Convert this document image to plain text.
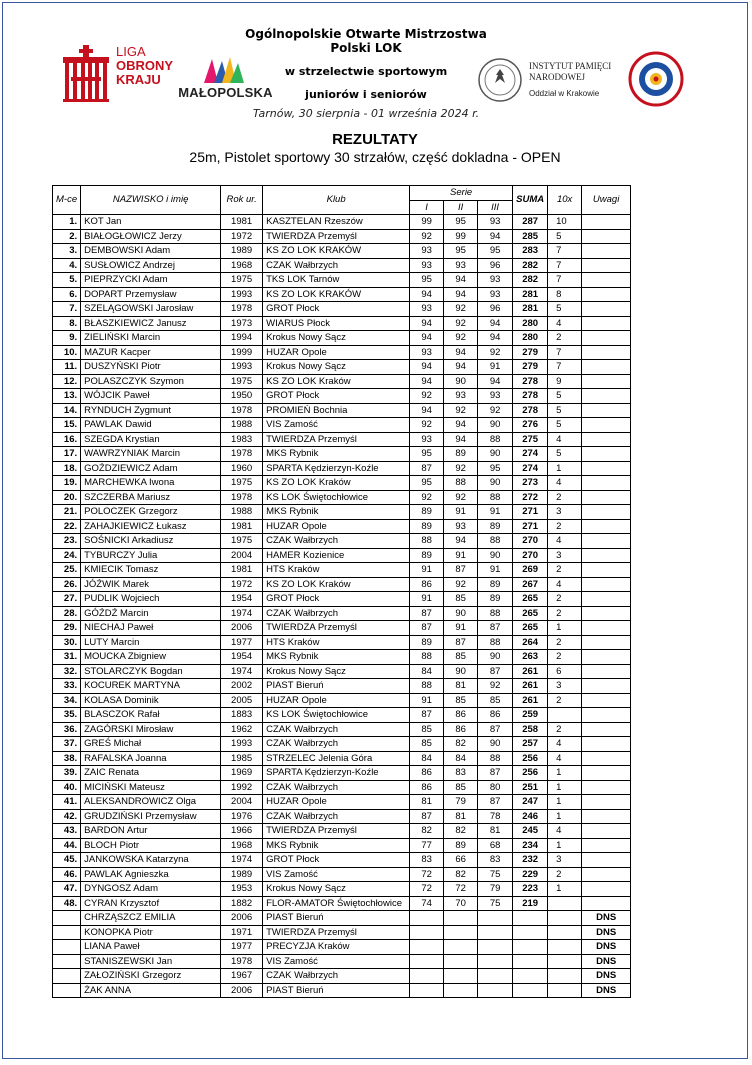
LIGA
OBRONY
KRAJU
MAŁOPOLSKA
Ogólnopolskie Otwarte Mistrzostwa Polski LOK
w strzelectwie sportowym
juniorów i seniorów
Tarnów, 30 sierpnia - 01 września 2024 r.
INSTYTUT PAMIĘCI
NARODOWEJ
Oddział w Krakowie
REZULTATY
25m, Pistolet sportowy 30 strzałów, część dokladna - OPEN
M-ce	NAZWISKO i imię	Rok ur.	Klub	Serie			SUMA	10x	Uwagi
				I	II	III			
1.	KOT Jan	1981	KASZTELAN Rzeszów	99	95	93	287	10	
2.	BIAŁOGŁOWICZ Jerzy	1972	TWIERDZA Przemyśl	92	99	94	285	5	
3.	DEMBOWSKI Adam	1989	KS ZO LOK KRAKÓW	93	95	95	283	7	
4.	SUSŁOWICZ Andrzej	1968	CZAK Wałbrzych	93	93	96	282	7	
5.	PIEPRZYCKI Adam	1975	TKS LOK Tarnów	95	94	93	282	7	
6.	DOPART Przemysław	1993	KS ZO LOK KRAKÓW	94	94	93	281	8	
7.	SZELĄGOWSKI Jarosław	1978	GROT Płock	93	92	96	281	5	
8.	BŁASZKIEWICZ Janusz	1973	WIARUS Płock	94	92	94	280	4	
9.	ZIELIŃSKI Marcin	1994	Krokus Nowy Sącz	94	92	94	280	2	
10.	MAZUR Kacper	1999	HUZAR Opole	93	94	92	279	7	
11.	DUSZYŃSKI Piotr	1993	Krokus Nowy Sącz	94	94	91	279	7	
12.	POLASZCZYK Szymon	1975	KS ZO LOK Kraków	94	90	94	278	9	
13.	WÓJCIK Paweł	1950	GROT Płock	92	93	93	278	5	
14.	RYNDUCH Zygmunt	1978	PROMIEŃ Bochnia	94	92	92	278	5	
15.	PAWLAK Dawid	1988	VIS Zamość	92	94	90	276	5	
16.	SZEGDA Krystian	1983	TWIERDZA Przemyśl	93	94	88	275	4	
17.	WAWRZYNIAK Marcin	1978	MKS Rybnik	95	89	90	274	5	
18.	GOŹDZIEWICZ Adam	1960	SPARTA Kędzierzyn-Koźle	87	92	95	274	1	
19.	MARCHEWKA Iwona	1975	KS ZO LOK Kraków	95	88	90	273	4	
20.	SZCZERBA Mariusz	1978	KS LOK Świętochłowice	92	92	88	272	2	
21.	POLOCZEK Grzegorz	1988	MKS Rybnik	89	91	91	271	3	
22.	ZAHAJKIEWICZ Łukasz	1981	HUZAR Opole	89	93	89	271	2	
23.	SOŚNICKI Arkadiusz	1975	CZAK Wałbrzych	88	94	88	270	4	
24.	TYBURCZY Julia	2004	HAMER Kozienice	89	91	90	270	3	
25.	KMIECIK Tomasz	1981	HTS Kraków	91	87	91	269	2	
26.	JÓŹWIK Marek	1972	KS ZO LOK Kraków	86	92	89	267	4	
27.	PUDLIK Wojciech	1954	GROT Płock	91	85	89	265	2	
28.	GÓŹDŹ Marcin	1974	CZAK Wałbrzych	87	90	88	265	2	
29.	NIECHAJ Paweł	2006	TWIERDZA Przemyśl	87	91	87	265	1	
30.	LUTY Marcin	1977	HTS Kraków	89	87	88	264	2	
31.	MOUCKA Zbigniew	1954	MKS Rybnik	88	85	90	263	2	
32.	STOLARCZYK Bogdan	1974	Krokus Nowy Sącz	84	90	87	261	6	
33.	KOCUREK MARTYNA	2002	PIAST Bieruń	88	81	92	261	3	
34.	KOLASA Dominik	2005	HUZAR Opole	91	85	85	261	2	
35.	BLASCZOK Rafał	1883	KS LOK Świętochłowice	87	86	86	259		
36.	ZAGÓRSKI Mirosław	1962	CZAK Wałbrzych	85	86	87	258	2	
37.	GREŚ Michał	1993	CZAK Wałbrzych	85	82	90	257	4	
38.	RAFALSKA Joanna	1985	STRZELEC Jelenia Góra	84	84	88	256	4	
39.	ZAIC Renata	1969	SPARTA Kędzierzyn-Koźle	86	83	87	256	1	
40.	MICIŃSKI Mateusz	1992	CZAK Wałbrzych	86	85	80	251	1	
41.	ALEKSANDROWICZ Olga	2004	HUZAR Opole	81	79	87	247	1	
42.	GRUDZIŃSKI Przemysław	1976	CZAK Wałbrzych	87	81	78	246	1	
43.	BARDON Artur	1966	TWIERDZA Przemyśl	82	82	81	245	4	
44.	BLOCH Piotr	1968	MKS Rybnik	77	89	68	234	1	
45.	JANKOWSKA Katarzyna	1974	GROT Płock	83	66	83	232	3	
46.	PAWLAK Agnieszka	1989	VIS Zamość	72	82	75	229	2	
47.	DYNGOSZ Adam	1953	Krokus Nowy Sącz	72	72	79	223	1	
48.	CYRAN Krzysztof	1882	FLOR-AMATOR Świętochłowice	74	70	75	219		
	CHRZĄSZCZ EMILIA	2006	PIAST Bieruń						DNS
	KONOPKA Piotr	1971	TWIERDZA Przemyśl						DNS
	LIANA Paweł	1977	PRECYZJA Kraków						DNS
	STANISZEWSKI Jan	1978	VIS Zamość						DNS
	ZAŁOZIŃSKI Grzegorz	1967	CZAK Wałbrzych						DNS
	ŻAK ANNA	2006	PIAST Bieruń						DNS
